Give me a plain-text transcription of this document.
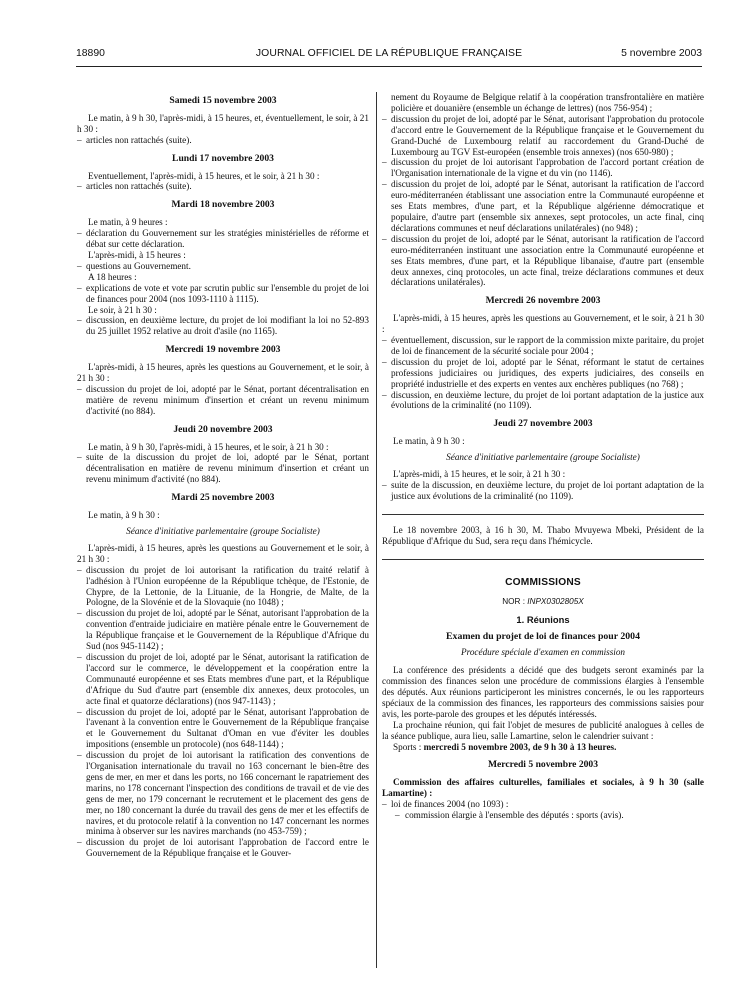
18890	JOURNAL OFFICIEL DE LA RÉPUBLIQUE FRANÇAISE	5 novembre 2003
Samedi 15 novembre 2003

Le matin, à 9 h 30, l'après-midi, à 15 heures, et, éventuellement, le soir, à 21 h 30 :

– articles non rattachés (suite).
Lundi 17 novembre 2003

Eventuellement, l'après-midi, à 15 heures, et le soir, à 21 h 30 :

– articles non rattachés (suite).
Mardi 18 novembre 2003

Le matin, à 9 heures :

– déclaration du Gouvernement sur les stratégies ministérielles de réforme et débat sur cette déclaration.

L'après-midi, à 15 heures :

– questions au Gouvernement.

A 18 heures :

– explications de vote et vote par scrutin public sur l'ensemble du projet de loi de finances pour 2004 (nos 1093-1110 à 1115).

Le soir, à 21 h 30 :

– discussion, en deuxième lecture, du projet de loi modifiant la loi no 52-893 du 25 juillet 1952 relative au droit d'asile (no 1165).
Mercredi 19 novembre 2003

L'après-midi, à 15 heures, après les questions au Gouvernement, et le soir, à 21 h 30 :

– discussion du projet de loi, adopté par le Sénat, portant décentralisation en matière de revenu minimum d'insertion et créant un revenu minimum d'activité (no 884).
Jeudi 20 novembre 2003

Le matin, à 9 h 30, l'après-midi, à 15 heures, et le soir, à 21 h 30 :

– suite de la discussion du projet de loi, adopté par le Sénat, portant décentralisation en matière de revenu minimum d'insertion et créant un revenu minimum d'activité (no 884).
Mardi 25 novembre 2003

Le matin, à 9 h 30 :

Séance d'initiative parlementaire (groupe Socialiste)

L'après-midi, à 15 heures, après les questions au Gouvernement et le soir, à 21 h 30 :

– discussion du projet de loi autorisant la ratification du traité relatif à l'adhésion à l'Union européenne de la République tchèque, de l'Estonie, de Chypre, de la Lettonie, de la Lituanie, de la Hongrie, de Malte, de la Pologne, de la Slovénie et de la Slovaquie (no 1048) ;
– discussion du projet de loi, adopté par le Sénat, autorisant l'approbation de la convention d'entraide judiciaire en matière pénale entre le Gouvernement de la République française et le Gouvernement de la République d'Afrique du Sud (nos 945-1142) ;
– discussion du projet de loi, adopté par le Sénat, autorisant la ratification de l'accord sur le commerce, le développement et la coopération entre la Communauté européenne et ses Etats membres d'une part, et la République d'Afrique du Sud d'autre part (ensemble dix annexes, deux protocoles, un acte final et quatorze déclarations) (nos 947-1143) ;
– discussion du projet de loi, adopté par le Sénat, autorisant l'approbation de l'avenant à la convention entre le Gouvernement de la République française et le Gouvernement du Sultanat d'Oman en vue d'éviter les doubles impositions (ensemble un protocole) (nos 648-1144) ;
– discussion du projet de loi autorisant la ratification des conventions de l'Organisation internationale du travail no 163 concernant le bien-être des gens de mer, en mer et dans les ports, no 166 concernant le rapatriement des marins, no 178 concernant l'inspection des conditions de travail et de vie des gens de mer, no 179 concernant le recrutement et le placement des gens de mer, no 180 concernant la durée du travail des gens de mer et les effectifs de navires, et du protocole relatif à la convention no 147 concernant les normes minima à observer sur les navires marchands (no 453-759) ;
– discussion du projet de loi autorisant l'approbation de l'accord entre le Gouvernement de la République française et le Gouver-

nement du Royaume de Belgique relatif à la coopération transfrontalière en matière policière et douanière (ensemble un échange de lettres) (nos 756-954) ;

– discussion du projet de loi, adopté par le Sénat, autorisant l'approbation du protocole d'accord entre le Gouvernement de la République française et le Gouvernement du Grand-Duché de Luxembourg relatif au raccordement du Grand-Duché de Luxembourg au TGV Est-européen (ensemble trois annexes) (nos 650-980) ;
– discussion du projet de loi autorisant l'approbation de l'accord portant création de l'Organisation internationale de la vigne et du vin (no 1146).
– discussion du projet de loi, adopté par le Sénat, autorisant la ratification de l'accord euro-méditerranéen établissant une association entre la Communauté européenne et ses Etats membres, d'une part, et la République algérienne démocratique et populaire, d'autre part (ensemble six annexes, sept protocoles, un acte final, cinq déclarations communes et neuf déclarations unilatérales) (no 948) ;
– discussion du projet de loi, adopté par le Sénat, autorisant la ratification de l'accord euro-méditerranéen instituant une association entre la Communauté européenne et ses Etats membres, d'une part, et la République libanaise, d'autre part (ensemble deux annexes, cinq protocoles, un acte final, treize déclarations communes et deux déclarations unilatérales).
Mercredi 26 novembre 2003

L'après-midi, à 15 heures, après les questions au Gouvernement, et le soir, à 21 h 30 :

– éventuellement, discussion, sur le rapport de la commission mixte paritaire, du projet de loi de financement de la sécurité sociale pour 2004 ;
– discussion du projet de loi, adopté par le Sénat, réformant le statut de certaines professions judiciaires ou juridiques, des experts judiciaires, des conseils en propriété industrielle et des experts en ventes aux enchères publiques (no 768) ;
– discussion, en deuxième lecture, du projet de loi portant adaptation de la justice aux évolutions de la criminalité (no 1109).
Jeudi 27 novembre 2003

Le matin, à 9 h 30 :

Séance d'initiative parlementaire (groupe Socialiste)

L'après-midi, à 15 heures, et le soir, à 21 h 30 :

– suite de la discussion, en deuxième lecture, du projet de loi portant adaptation de la justice aux évolutions de la criminalité (no 1109).

Le 18 novembre 2003, à 16 h 30, M. Thabo Mvuyewa Mbeki, Président de la République d'Afrique du Sud, sera reçu dans l'hémicycle.

COMMISSIONS
NOR : INPX0302805X
1. Réunions
Examen du projet de loi de finances pour 2004
Procédure spéciale d'examen en commission

La conférence des présidents a décidé que des budgets seront examinés par la commission des finances selon une procédure de commissions élargies à l'ensemble des députés. Aux réunions participeront les ministres concernés, le ou les rapporteurs spéciaux de la commission des finances, les rapporteurs des commissions saisies pour avis, les porte-parole des groupes et les députés intéressés.

La prochaine réunion, qui fait l'objet de mesures de publicité analogues à celles de la séance publique, aura lieu, salle Lamartine, selon le calendrier suivant :

Sports : mercredi 5 novembre 2003, de 9 h 30 à 13 heures.

Mercredi 5 novembre 2003

Commission des affaires culturelles, familiales et sociales, à 9 h 30 (salle Lamartine) :

– loi de finances 2004 (no 1093) :
– commission élargie à l'ensemble des députés : sports (avis).
